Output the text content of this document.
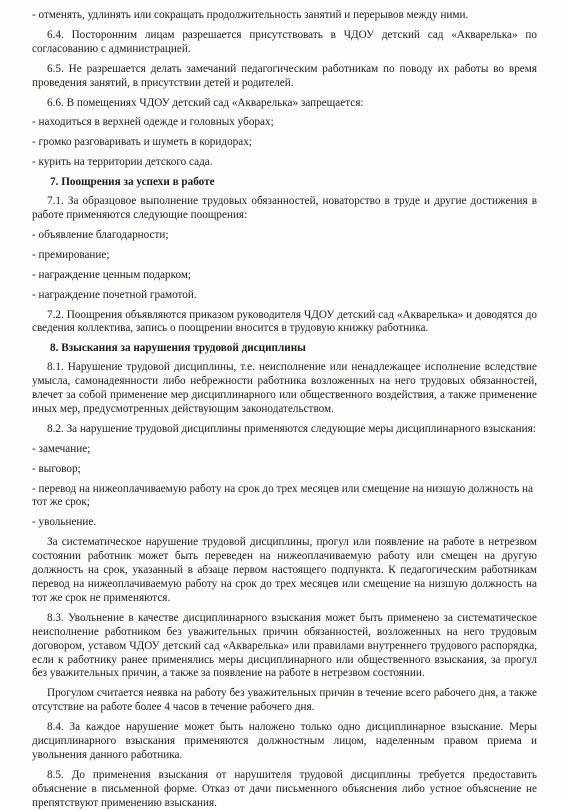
- отменять, удлинять или сокращать продолжительность занятий и перерывов между ними.

6.4. Посторонним лицам разрешается присутствовать в ЧДОУ детский сад «Акварелька» по согласованию с администрацией.

6.5. Не разрешается делать замечаний педагогическим работникам по поводу их работы во время проведения занятий, в присутствии детей и родителей.

6.6. В помещениях ЧДОУ детский сад «Акварелька» запрещается:

- находиться в верхней одежде и головных уборах;

- громко разговаривать и шуметь в коридорах;

- курить на территории детского сада.

7. Поощрения за успехи в работе

7.1. За образцовое выполнение трудовых обязанностей, новаторство в труде и другие достижения в работе применяются следующие поощрения:

- объявление благодарности;

- премирование;

- награждение ценным подарком;

- награждение почетной грамотой.

7.2. Поощрения объявляются приказом руководителя ЧДОУ детский сад «Акварелька» и доводятся до сведения коллектива, запись о поощрении вносится в трудовую книжку работника.

8. Взыскания за нарушения трудовой дисциплины

8.1. Нарушение трудовой дисциплины, т.е. неисполнение или ненадлежащее исполнение вследствие умысла, самонадеянности либо небрежности работника возложенных на него трудовых обязанностей, влечет за собой применение мер дисциплинарного или общественного воздействия, а также применение иных мер, предусмотренных действующим законодательством.

8.2. За нарушение трудовой дисциплины применяются следующие меры дисциплинарного взыскания:

- замечание;

- выговор;

- перевод на нижеоплачиваемую работу на срок до трех месяцев или смещение на низшую должность на тот же срок;

- увольнение.

За систематическое нарушение трудовой дисциплины, прогул или появление на работе в нетрезвом состоянии работник может быть переведен на нижеоплачиваемую работу или смещен на другую должность на срок, указанный в абзаце первом настоящего подпункта. К педагогическим работникам перевод на нижеоплачиваемую работу на срок до трех месяцев или смещение на низшую должность на тот же срок не применяются.

8.3. Увольнение в качестве дисциплинарного взыскания может быть применено за систематическое неисполнение работником без уважительных причин обязанностей, возложенных на него трудовым договором, уставом ЧДОУ детский сад «Акварелька» или правилами внутреннего трудового распорядка, если к работнику ранее применялись меры дисциплинарного или общественного взыскания, за прогул без уважительных причин, а также за появление на работе в нетрезвом состоянии.

Прогулом считается неявка на работу без уважительных причин в течение всего рабочего дня, а также отсутствие на работе более 4 часов в течение рабочего дня.

8.4. За каждое нарушение может быть наложено только одно дисциплинарное взыскание. Меры дисциплинарного взыскания применяются должностным лицом, наделенным правом приема и увольнения данного работника.

8.5. До применения взыскания от нарушителя трудовой дисциплины требуется предоставить объяснение в письменной форме. Отказ от дачи письменного объяснения либо устное объяснение не препятствуют применению взыскания.
